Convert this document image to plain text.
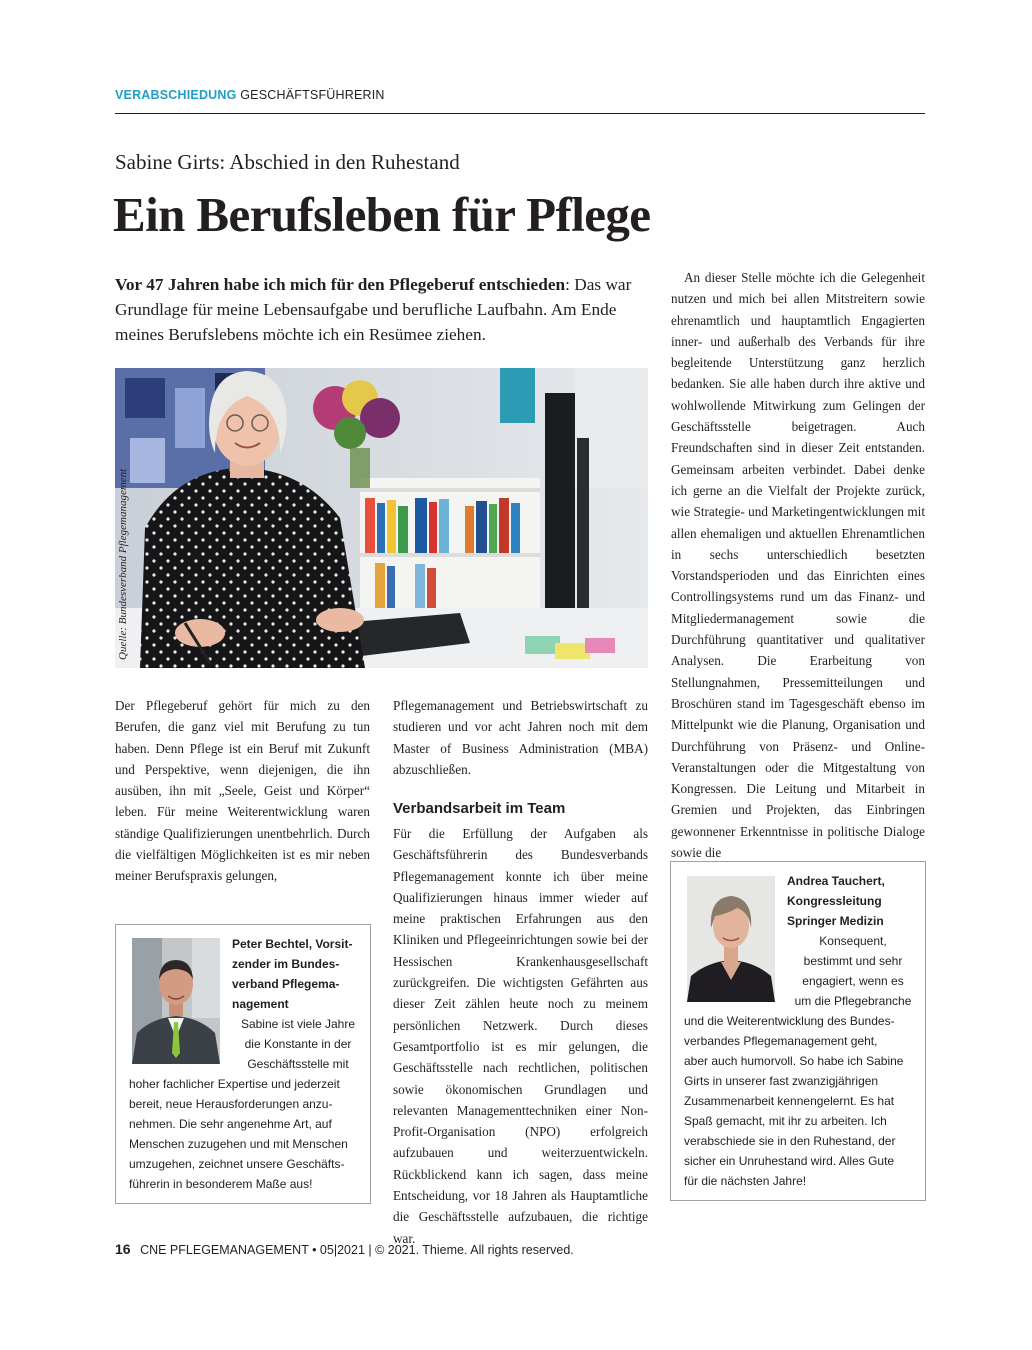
VERABSCHIEDUNG GESCHÄFTSFÜHRERIN
Sabine Girts: Abschied in den Ruhestand
Ein Berufsleben für Pflege

Vor 47 Jahren habe ich mich für den Pflegeberuf entschieden: Das war Grundlage für meine Lebensaufgabe und berufliche Laufbahn. Am Ende meines Berufslebens möchte ich ein Resümee ziehen.

Quelle: Bundesverband Pflegemanagement

Der Pflegeberuf gehört für mich zu den Berufen, die ganz viel mit Berufung zu tun haben. Denn Pflege ist ein Beruf mit Zukunft und Perspektive, wenn diejenigen, die ihn ausüben, ihn mit „Seele, Geist und Körper“ leben. Für meine Weiterentwicklung waren ständige Qualifizierungen unentbehrlich. Durch die vielfältigen Möglichkeiten ist es mir neben meiner Berufspraxis gelungen,

Pflegemanagement und Betriebswirtschaft zu studieren und vor acht Jahren noch mit dem Master of Business Administration (MBA) abzuschließen.

Verbandsarbeit im Team

Für die Erfüllung der Aufgaben als Geschäftsführerin des Bundesverbands Pflegemanagement konnte ich über meine Qualifizierungen hinaus immer wieder auf meine praktischen Erfahrungen aus den Kliniken und Pflegeeinrichtungen sowie bei der Hessischen Krankenhausgesellschaft zurückgreifen. Die wichtigsten Gefährten aus dieser Zeit zählen heute noch zu meinem persönlichen Netzwerk. Durch dieses Gesamtportfolio ist es mir gelungen, die Geschäftsstelle nach rechtlichen, politischen sowie ökonomischen Grundlagen und relevanten Managementtechniken einer Non-Profit-Organisation (NPO) erfolgreich aufzubauen und weiterzuentwickeln. Rückblickend kann ich sagen, dass meine Entscheidung, vor 18 Jahren als Hauptamtliche die Geschäftsstelle aufzubauen, die richtige war.

An dieser Stelle möchte ich die Gelegenheit nutzen und mich bei allen Mitstreitern sowie ehrenamtlich und hauptamtlich Engagierten inner- und außerhalb des Verbands für ihre begleitende Unterstützung ganz herzlich bedanken. Sie alle haben durch ihre aktive und wohlwollende Mitwirkung zum Gelingen der Geschäftsstelle beigetragen. Auch Freundschaften sind in dieser Zeit entstanden. Gemeinsam arbeiten verbindet. Dabei denke ich gerne an die Vielfalt der Projekte zurück, wie Strategie- und Marketingentwicklungen mit allen ehemaligen und aktuellen Ehrenamtlichen in sechs unterschiedlich besetzten Vorstandsperioden und das Einrichten eines Controllingsystems rund um das Finanz- und Mitgliedermanagement sowie die Durchführung quantitativer und qualitativer Analysen. Die Erarbeitung von Stellungnahmen, Pressemitteilungen und Broschüren stand im Tagesgeschäft ebenso im Mittelpunkt wie die Planung, Organisation und Durchführung von Präsenz- und Online-Veranstaltungen oder die Mitgestaltung von Kongressen. Die Leitung und Mitarbeit in Gremien und Projekten, das Einbringen gewonnener Erkenntnisse in politische Dialoge sowie die

Peter Bechtel, Vorsit-
zender im Bundes-
verband Pflegema-
nagement
Sabine ist viele Jahre
die Konstante in der
Geschäftsstelle mit
hoher fachlicher Expertise und jederzeit
bereit, neue Herausforderungen anzu-
nehmen. Die sehr angenehme Art, auf
Menschen zuzugehen und mit Menschen
umzugehen, zeichnet unsere Geschäfts-
führerin in besonderem Maße aus!
Andrea Tauchert,
Kongressleitung
Springer Medizin
Konsequent,
bestimmt und sehr
engagiert, wenn es
um die Pflegebranche
und die Weiterentwicklung des Bundes-
verbandes Pflegemanagement geht,
aber auch humorvoll. So habe ich Sabine
Girts in unserer fast zwanzigjährigen
Zusammenarbeit kennengelernt. Es hat
Spaß gemacht, mit ihr zu arbeiten. Ich
verabschiede sie in den Ruhestand, der
sicher ein Unruhestand wird. Alles Gute
für die nächsten Jahre!
16 CNE PFLEGEMANAGEMENT • 05|2021 | © 2021. Thieme. All rights reserved.
